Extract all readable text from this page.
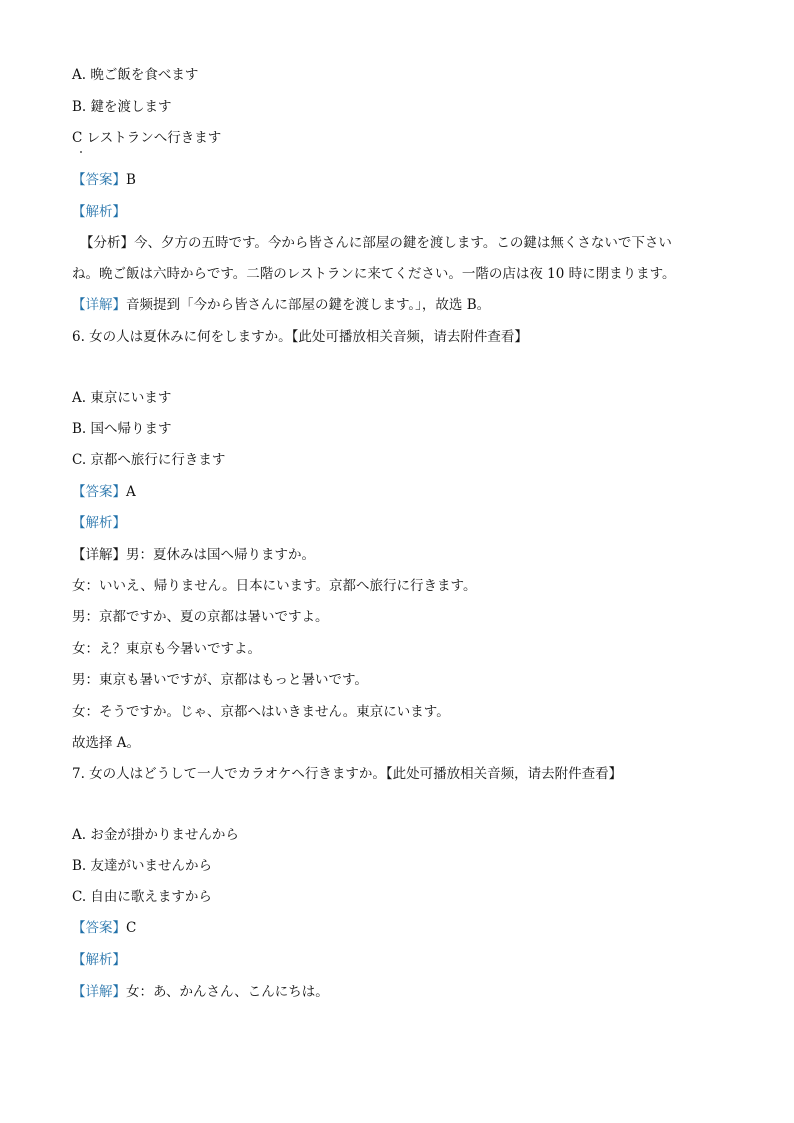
A. 晩ご飯を食べます
B. 鍵を渡します
C レストランへ行きます
【答案】B
【解析】
【分析】今、夕方の五時です。今から皆さんに部屋の鍵を渡します。この鍵は無くさないで下さい
ね。晩ご飯は六時からです。二階のレストランに来てください。一階の店は夜 10 時に閉まります。
【详解】音频提到「今から皆さんに部屋の鍵を渡します。」，故选 B。
6. 女の人は夏休みに何をしますか。【此处可播放相关音频，请去附件查看】
A. 東京にいます
B. 国へ帰ります
C. 京都へ旅行に行きます
【答案】A
【解析】
【详解】男：夏休みは国へ帰りますか。
女：いいえ、帰りません。日本にいます。京都へ旅行に行きます。
男：京都ですか、夏の京都は暑いですよ。
女：え？東京も今暑いですよ。
男：東京も暑いですが、京都はもっと暑いです。
女：そうですか。じゃ、京都へはいきません。東京にいます。
故选择 A。
7. 女の人はどうして一人でカラオケへ行きますか。【此处可播放相关音频，请去附件查看】
A. お金が掛かりませんから
B. 友達がいませんから
C. 自由に歌えますから
【答案】C
【解析】
【详解】女：あ、かんさん、こんにちは。
